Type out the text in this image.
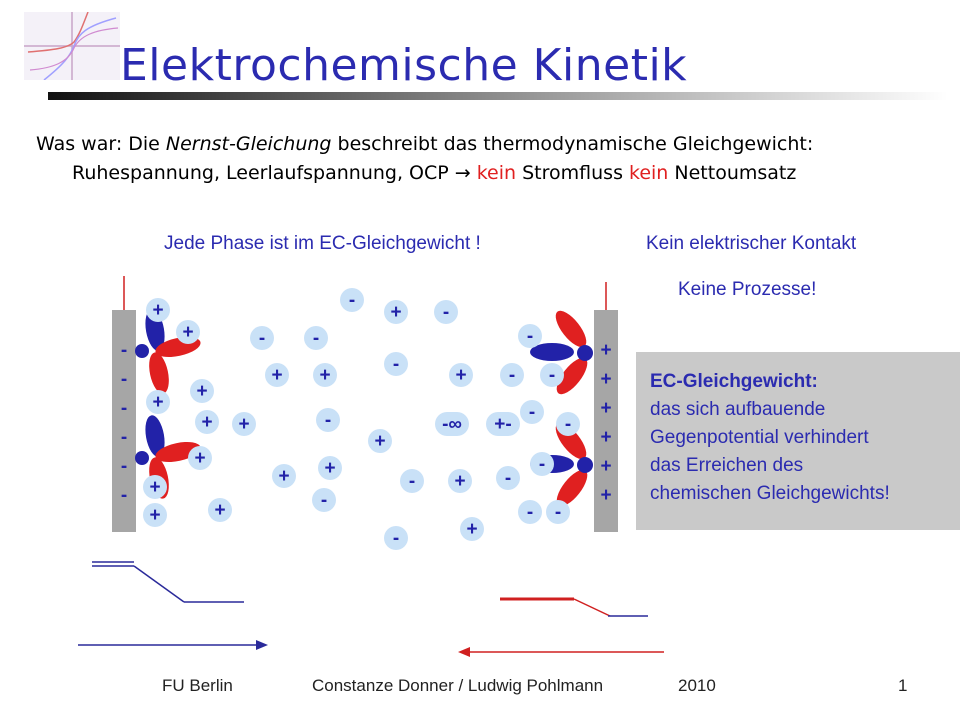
Elektrochemische Kinetik
Was war: Die Nernst-Gleichung beschreibt das thermodynamische Gleichgewicht:
Ruhespannung, Leerlaufspannung, OCP → kein Stromfluss kein Nettoumsatz
Jede Phase ist im EC-Gleichgewicht !	Kein elektrischer Kontakt
Keine Prozesse!
-
-
-
-
-
-
+
+
+
+
+
+
+
+
+
+
+	+
+
+
+	+
+	+
+
+
+
+
+	+
+
-
-
-	-
-
-
-	-
-	-
-
-
-
-
-
-	-
-
-∞	+-
EC-Gleichgewicht:
das sich aufbauende
Gegenpotential verhindert
das Erreichen des
chemischen Gleichgewichts!
FU Berlin	Constanze Donner / Ludwig Pohlmann	2010	1
